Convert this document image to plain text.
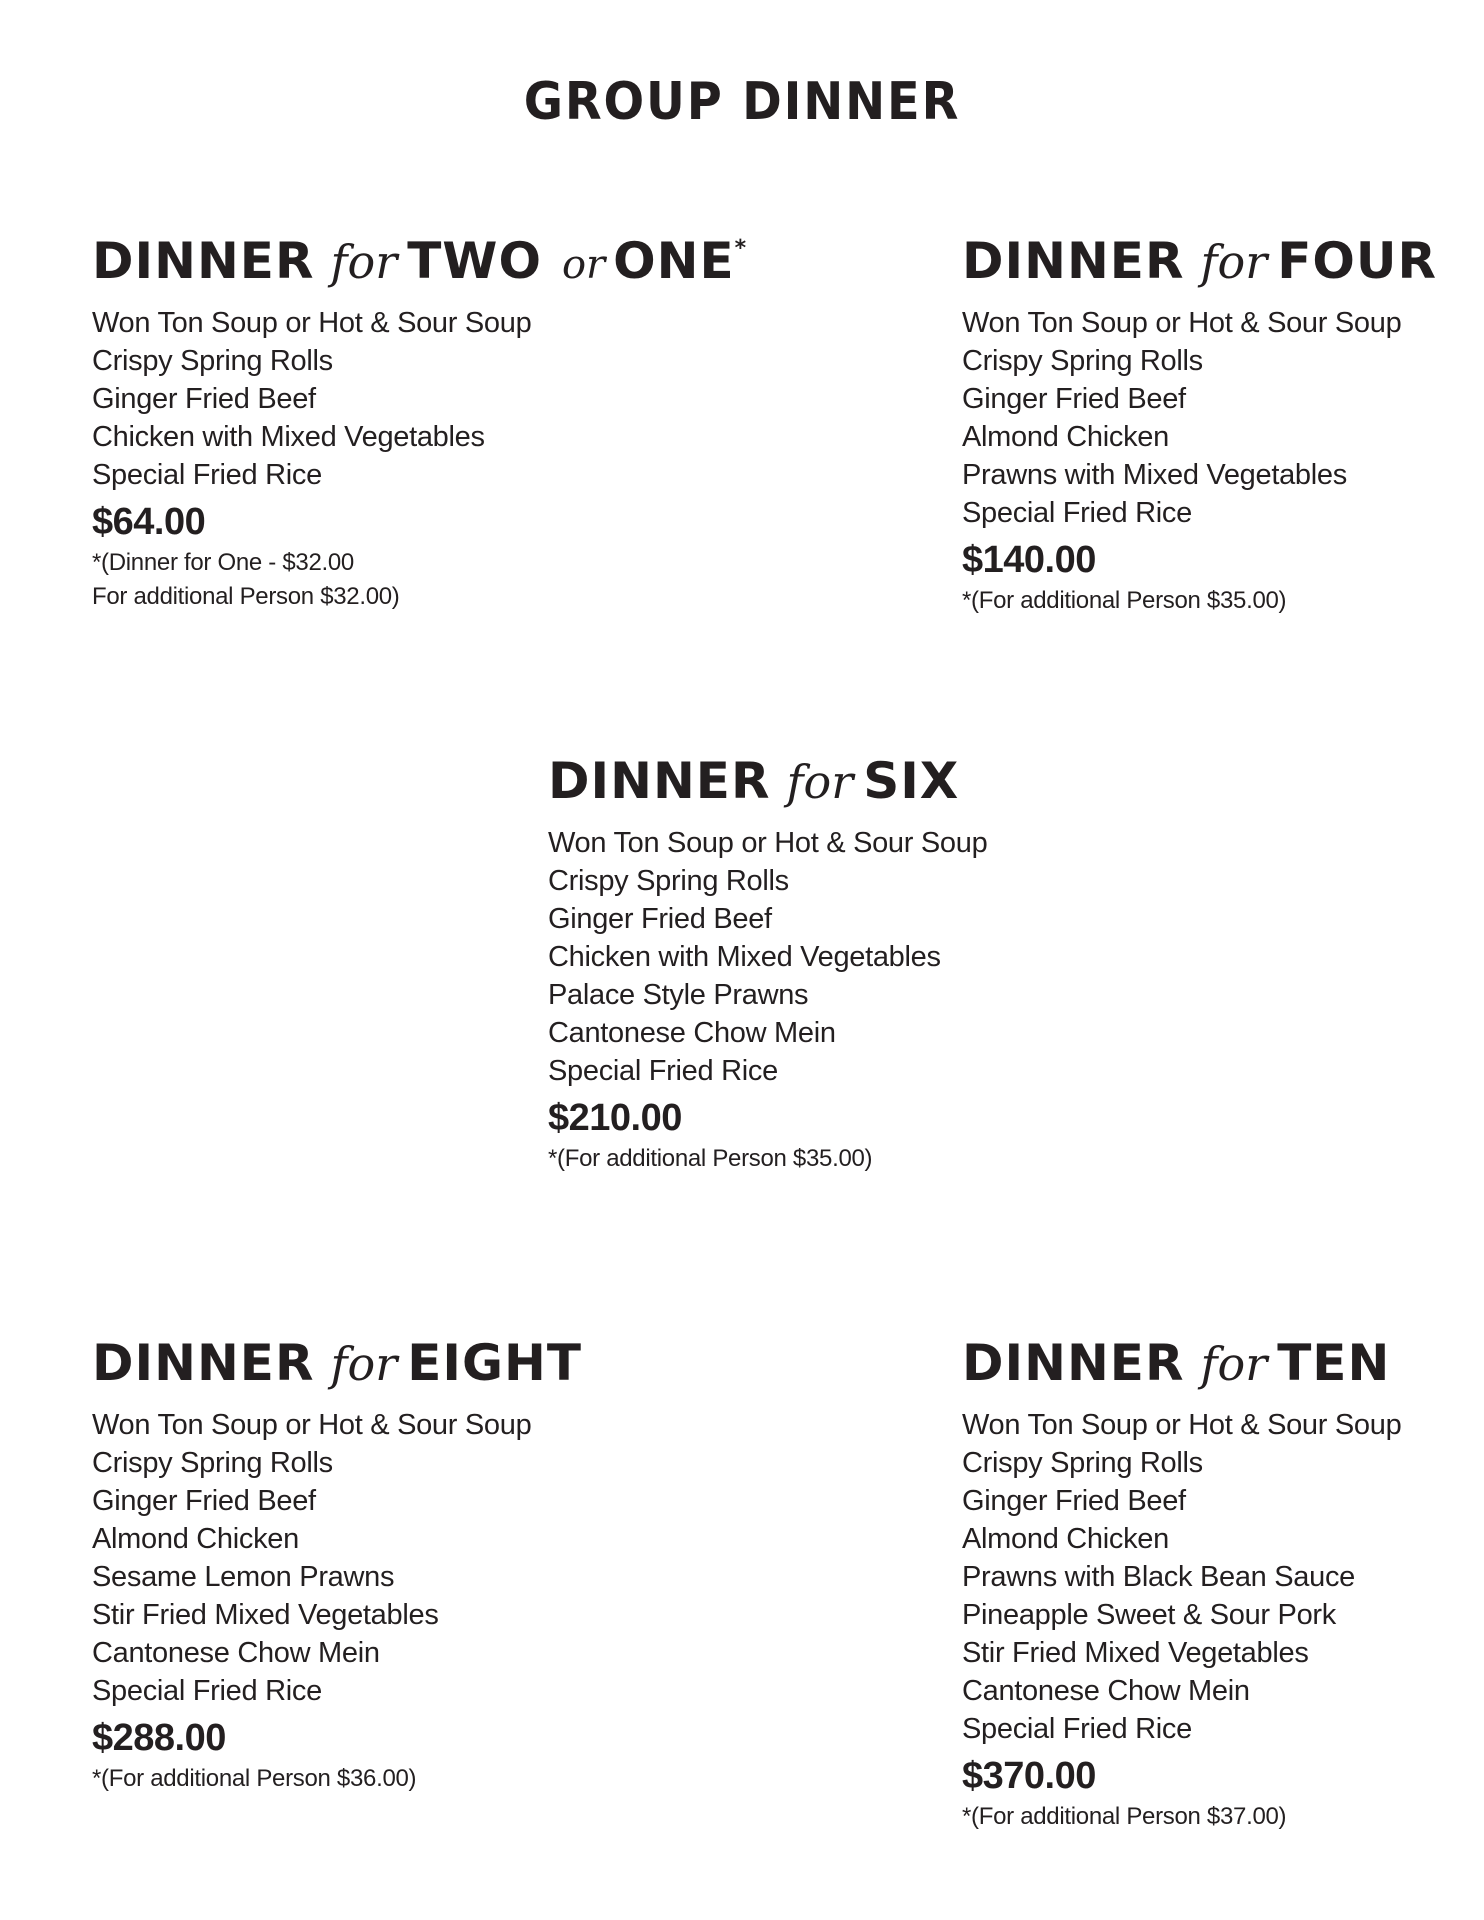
GROUP DINNER
DINNER for TWO or ONE *
Won Ton Soup or Hot & Sour Soup
Crispy Spring Rolls
Ginger Fried Beef
Chicken with Mixed Vegetables
Special Fried Rice
$64.00
*(Dinner for One - $32.00
For additional Person $32.00)
DINNER for FOUR
Won Ton Soup or Hot & Sour Soup
Crispy Spring Rolls
Ginger Fried Beef
Almond Chicken
Prawns with Mixed Vegetables
Special Fried Rice
$140.00
*(For additional Person $35.00)
DINNER for SIX
Won Ton Soup or Hot & Sour Soup
Crispy Spring Rolls
Ginger Fried Beef
Chicken with Mixed Vegetables
Palace Style Prawns
Cantonese Chow Mein
Special Fried Rice
$210.00
*(For additional Person $35.00)
DINNER for EIGHT
Won Ton Soup or Hot & Sour Soup
Crispy Spring Rolls
Ginger Fried Beef
Almond Chicken
Sesame Lemon Prawns
Stir Fried Mixed Vegetables
Cantonese Chow Mein
Special Fried Rice
$288.00
*(For additional Person $36.00)
DINNER for TEN
Won Ton Soup or Hot & Sour Soup
Crispy Spring Rolls
Ginger Fried Beef
Almond Chicken
Prawns with Black Bean Sauce
Pineapple Sweet & Sour Pork
Stir Fried Mixed Vegetables
Cantonese Chow Mein
Special Fried Rice
$370.00
*(For additional Person $37.00)
